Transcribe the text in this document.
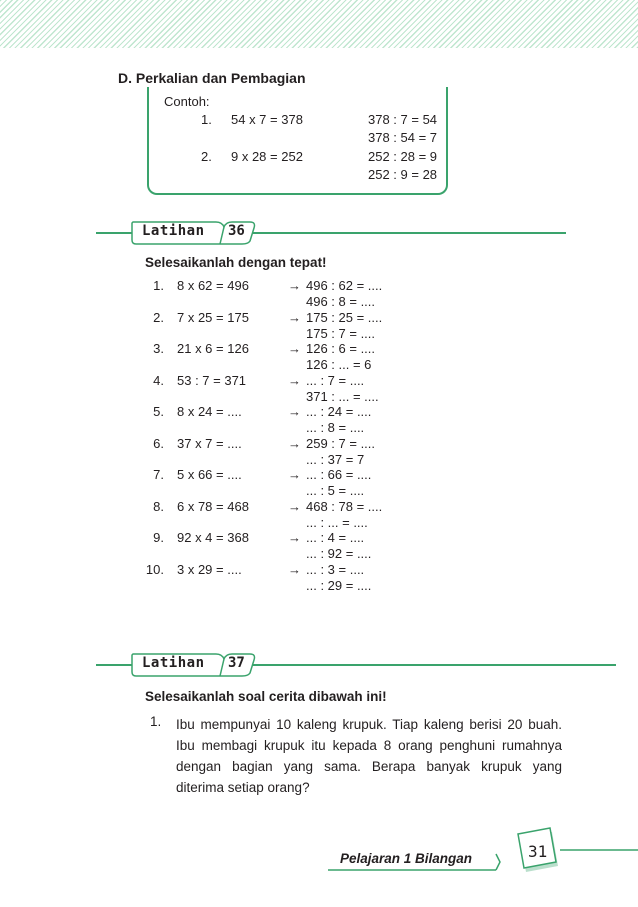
D. Perkalian dan Pembagian
Contoh:
1. 54 x 7 = 378	378 : 7 = 54
378 : 54 = 7
2. 9 x 28 = 252	252 : 28 = 9
252 : 9 = 28
Latihan 36
Selesaikanlah dengan tepat!
1. 8 x 62 = 496	→ 496 : 62 = ....
496 : 8 = ....
2. 7 x 25 = 175	→ 175 : 25 = ....
175 : 7 = ....
3. 21 x 6 = 126	→ 126 : 6 = ....
126 : ... = 6
4. 53 : 7 = 371	→ ... : 7 = ....
371 : ... = ....
5. 8 x 24 = ....	→ ... : 24 = ....
... : 8 = ....
6. 37 x 7 = ....	→ 259 : 7 = ....
... : 37 = 7
7. 5 x 66 = ....	→ ... : 66 = ....
... : 5 = ....
8. 6 x 78 = 468	→ 468 : 78 = ....
... : ... = ....
9. 92 x 4 = 368	→ ... : 4 = ....
... : 92 = ....
10. 3 x 29 = ....	→ ... : 3 = ....
... : 29 = ....
Latihan 37
Selesaikanlah soal cerita dibawah ini!
1. Ibu mempunyai 10 kaleng krupuk. Tiap kaleng berisi 20 buah. Ibu membagi krupuk itu kepada 8 orang penghuni rumahnya dengan bagian yang sama. Berapa banyak krupuk yang diterima setiap orang?
Pelajaran 1 Bilangan	31
